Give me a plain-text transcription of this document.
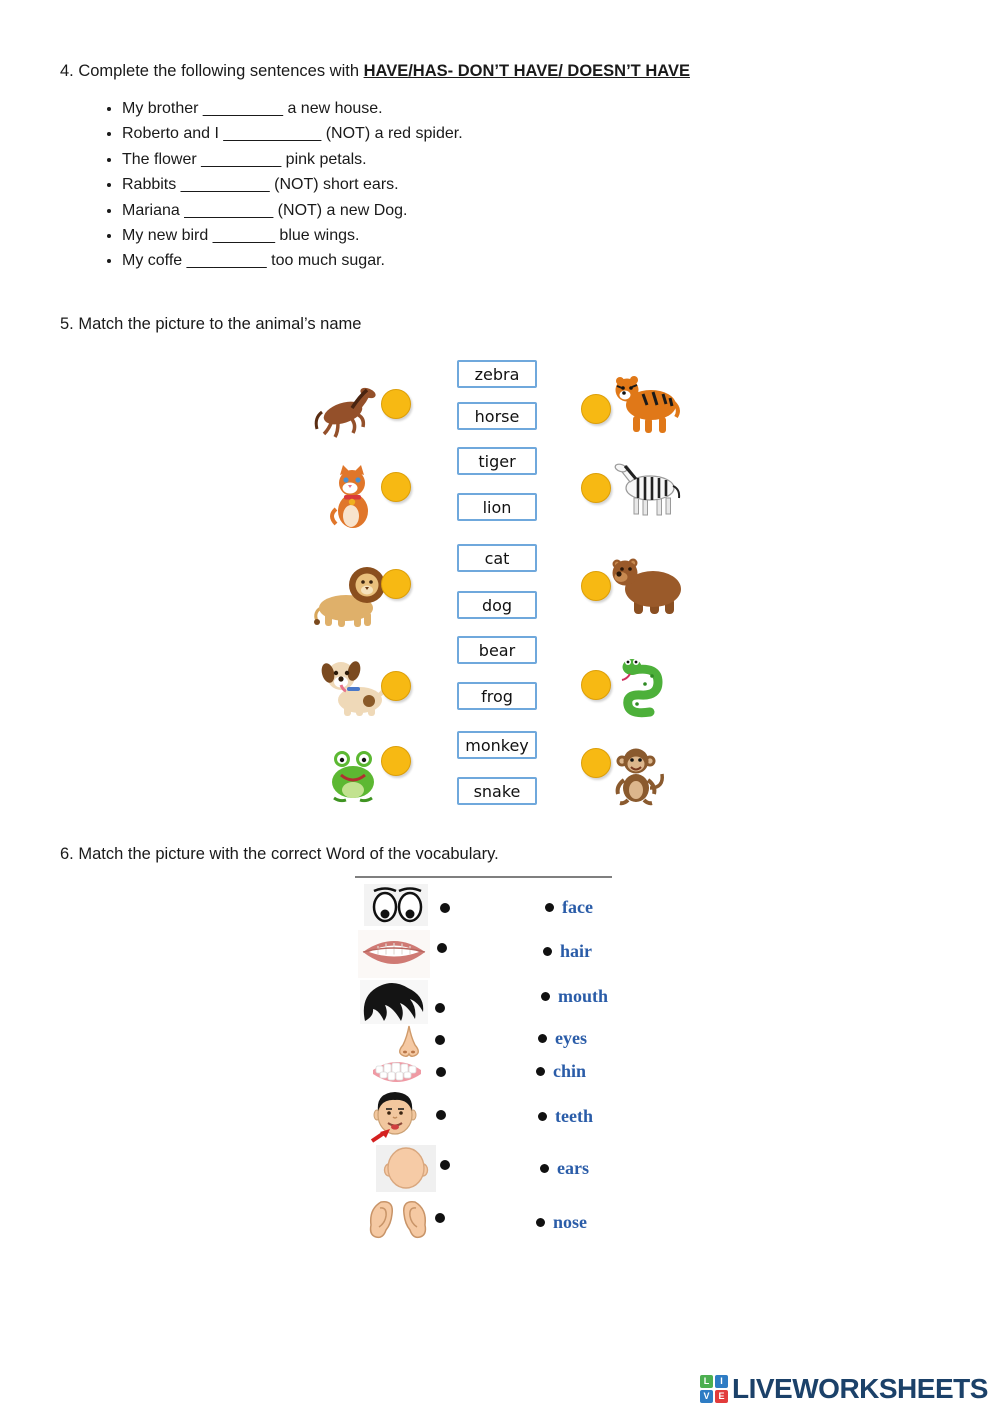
4. Complete the following sentences with HAVE/HAS- DON’T HAVE/ DOESN’T HAVE
• My brother _________ a new house.
• Roberto and I ___________ (NOT) a red spider.
• The flower _________ pink petals.
• Rabbits __________ (NOT) short ears.
• Mariana __________ (NOT) a new Dog.
• My new bird _______ blue wings.
• My coffe _________ too much sugar.
5. Match the picture to the animal’s name
zebra
horse
tiger
lion
cat
dog
bear
frog
monkey
snake
6. Match the picture with the correct Word of the vocabulary.
face
hair
mouth
eyes
chin
teeth
ears
nose
L	I
V E LIVEWORKSHEETS
